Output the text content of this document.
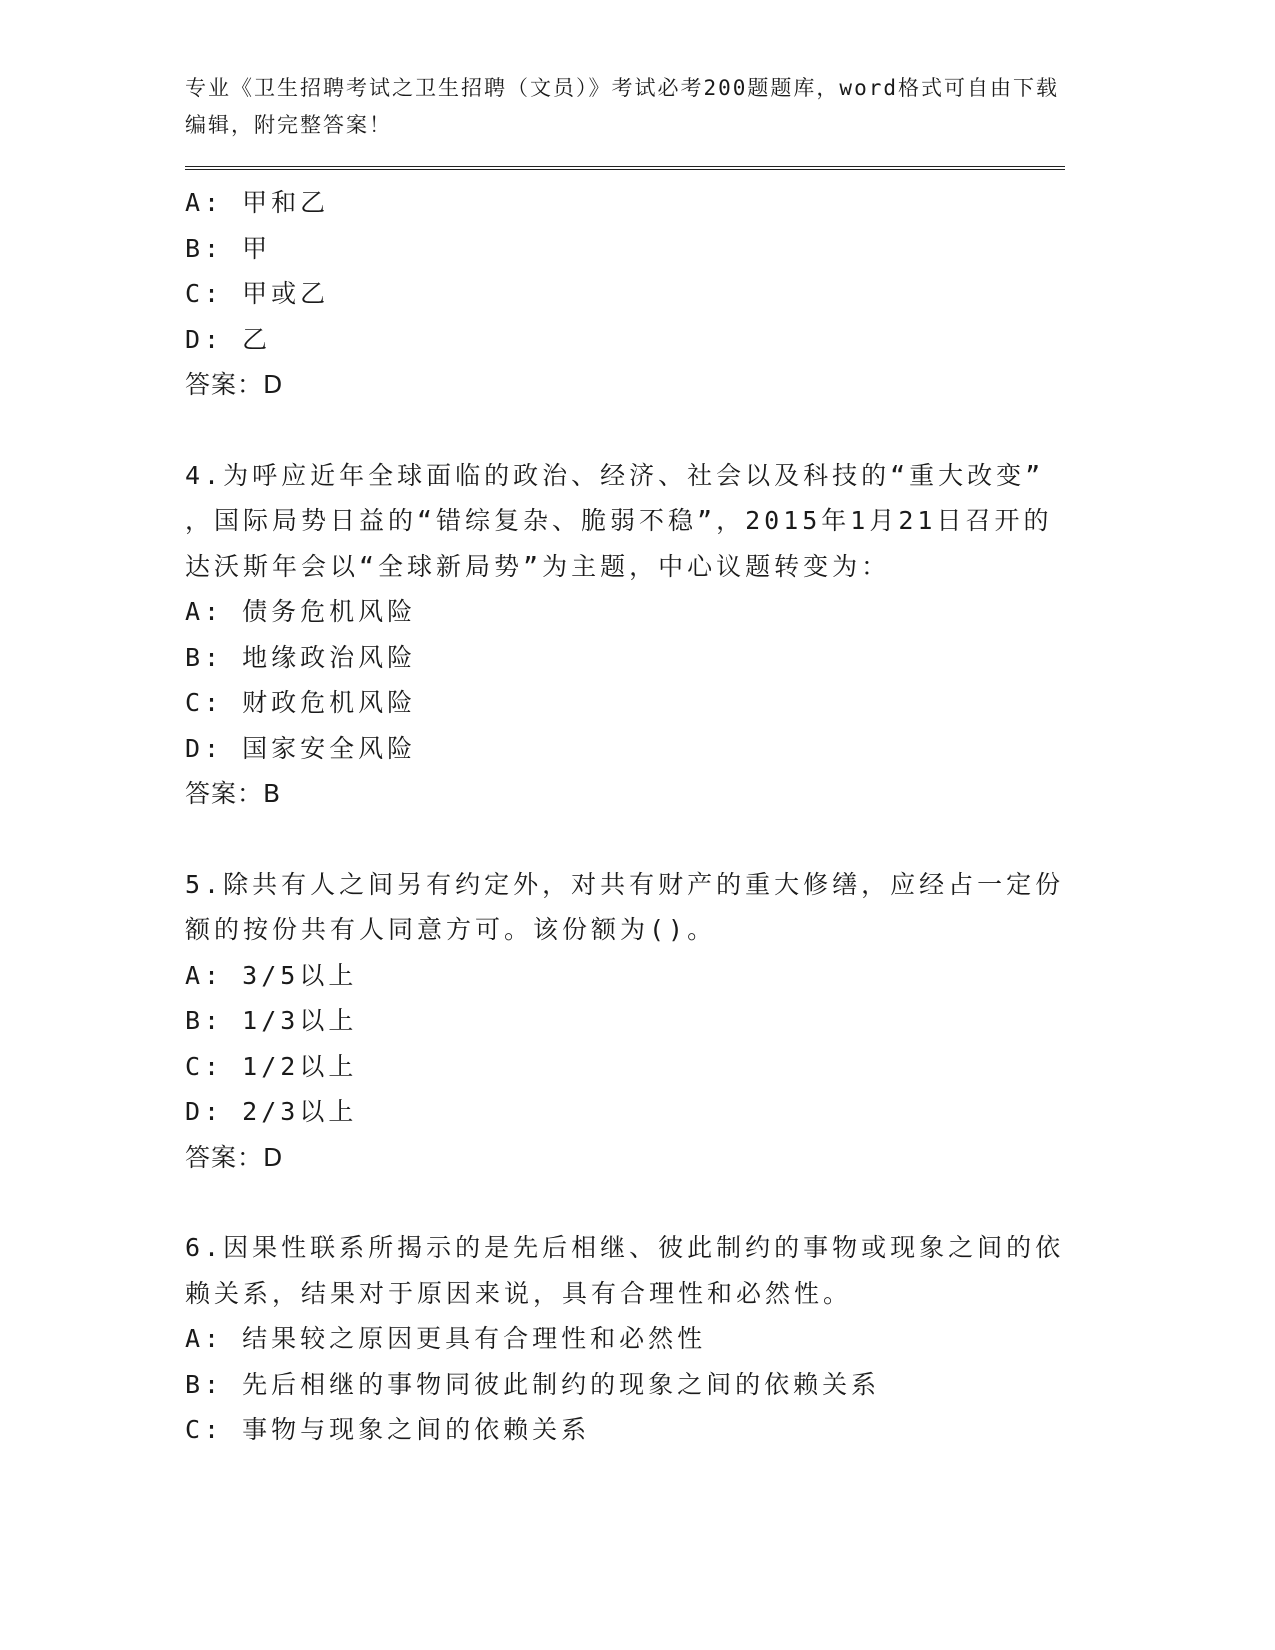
专业《卫生招聘考试之卫生招聘（文员）》考试必考200题题库，word格式可自由下载编辑，附完整答案！
A: 甲和乙
B: 甲
C: 甲或乙
D: 乙
答案：D
4.为呼应近年全球面临的政治、经济、社会以及科技的“重大改变”
，国际局势日益的“错综复杂、脆弱不稳”，2015年1月21日召开的
达沃斯年会以“全球新局势”为主题，中心议题转变为：
A: 债务危机风险
B: 地缘政治风险
C: 财政危机风险
D: 国家安全风险
答案：B
5.除共有人之间另有约定外，对共有财产的重大修缮，应经占一定份
额的按份共有人同意方可。该份额为()。
A: 3/5以上
B: 1/3以上
C: 1/2以上
D: 2/3以上
答案：D
6.因果性联系所揭示的是先后相继、彼此制约的事物或现象之间的依
赖关系，结果对于原因来说，具有合理性和必然性。
A: 结果较之原因更具有合理性和必然性
B: 先后相继的事物同彼此制约的现象之间的依赖关系
C: 事物与现象之间的依赖关系
